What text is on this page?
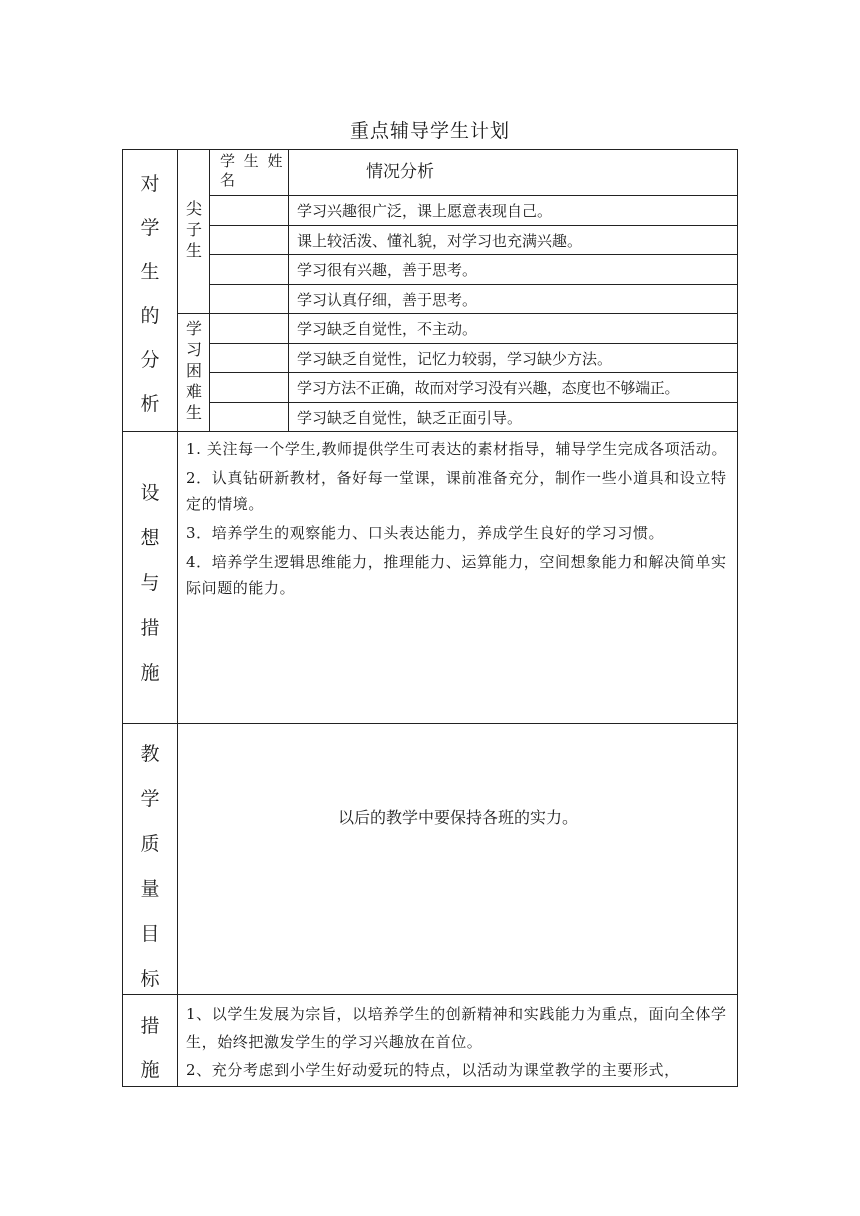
重点辅导学生计划
对
学
生
的
分
析
设
想
与
措
施
教
学
质
量
目
标
措
施
尖
子
生
学
习
困
难
生
学 生 姓名	情况分析
学习兴趣很广泛，课上愿意表现自己。
课上较活泼、懂礼貌，对学习也充满兴趣。
学习很有兴趣，善于思考。
学习认真仔细，善于思考。
学习缺乏自觉性，不主动。
学习缺乏自觉性，记忆力较弱，学习缺少方法。
学习方法不正确，故而对学习没有兴趣，态度也不够端正。
学习缺乏自觉性，缺乏正面引导。

1. 关注每一个学生,教师提供学生可表达的素材指导，辅导学生完成各项活动。

2．认真钻研新教材，备好每一堂课，课前准备充分，制作一些小道具和设立特定的情境。

3．培养学生的观察能力、口头表达能力，养成学生良好的学习习惯。

4．培养学生逻辑思维能力，推理能力、运算能力，空间想象能力和解决简单实际问题的能力。

以后的教学中要保持各班的实力。

1、以学生发展为宗旨，以培养学生的创新精神和实践能力为重点，面向全体学生，始终把激发学生的学习兴趣放在首位。

2、充分考虑到小学生好动爱玩的特点，以活动为课堂教学的主要形式，
